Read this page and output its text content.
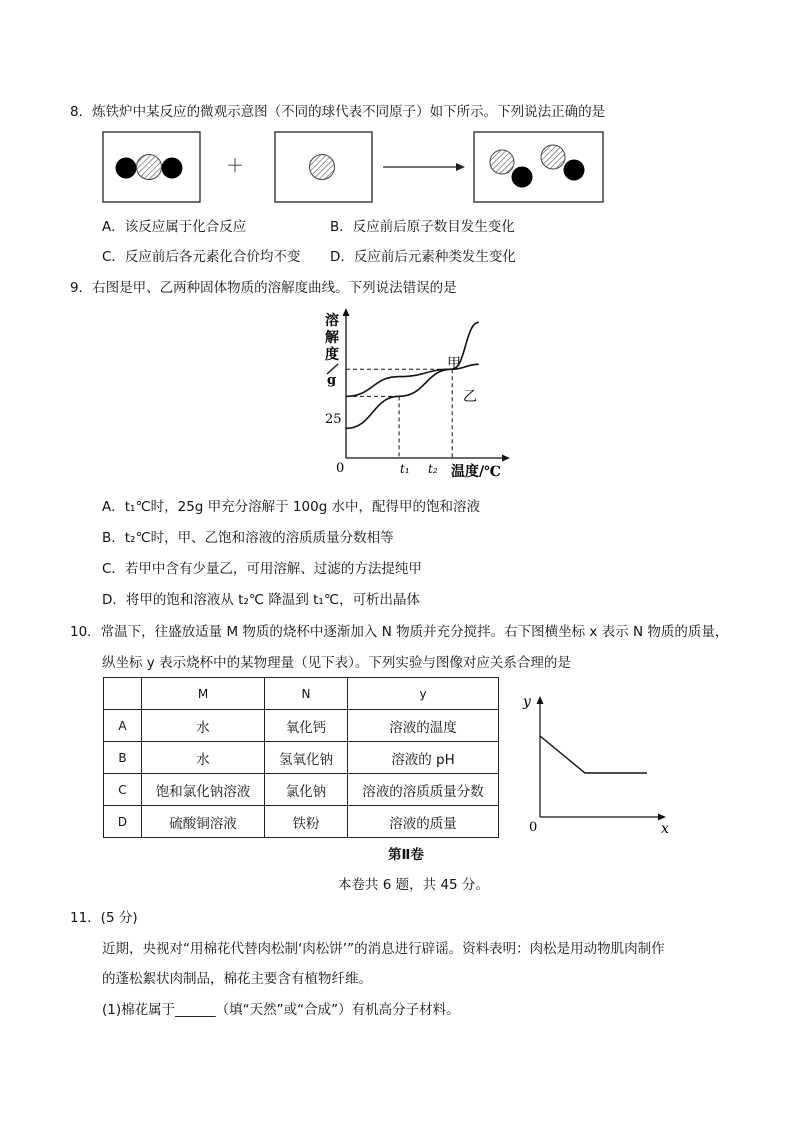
8．炼铁炉中某反应的微观示意图（不同的球代表不同原子）如下所示。下列说法正确的是
＋
A．该反应属于化合反应	B．反应前后原子数目发生变化
C．反应前后各元素化合价均不变 D．反应前后元素种类发生变化
9．右图是甲、乙两种固体物质的溶解度曲线。下列说法错误的是
溶
解
度
g
0
25
t₁ t₂ 温度/℃
甲
乙
A．t₁℃时，25g 甲充分溶解于 100g 水中，配得甲的饱和溶液
B．t₂℃时，甲、乙饱和溶液的溶质质量分数相等
C．若甲中含有少量乙，可用溶解、过滤的方法提纯甲
D．将甲的饱和溶液从 t₂℃ 降温到 t₁℃，可析出晶体
10．常温下，往盛放适量 M 物质的烧杯中逐渐加入 N 物质并充分搅拌。右下图横坐标 x 表示 N 物质的质量，
纵坐标 y 表示烧杯中的某物理量（见下表）。下列实验与图像对应关系合理的是
	M	N	y
A	水	氧化钙	溶液的温度
B	水	氢氧化钠	溶液的 pH
C	饱和氯化钠溶液	氯化钠	溶液的溶质质量分数
D	硫酸铜溶液	铁粉	溶液的质量
y
x
0
第Ⅱ卷
本卷共 6 题，共 45 分。
11．(5 分)
近期，央视对“用棉花代替肉松制‘肉松饼’”的消息进行辟谣。资料表明：肉松是用动物肌肉制作
的蓬松絮状肉制品，棉花主要含有植物纤维。
(1)棉花属于______（填“天然”或“合成”）有机高分子材料。
